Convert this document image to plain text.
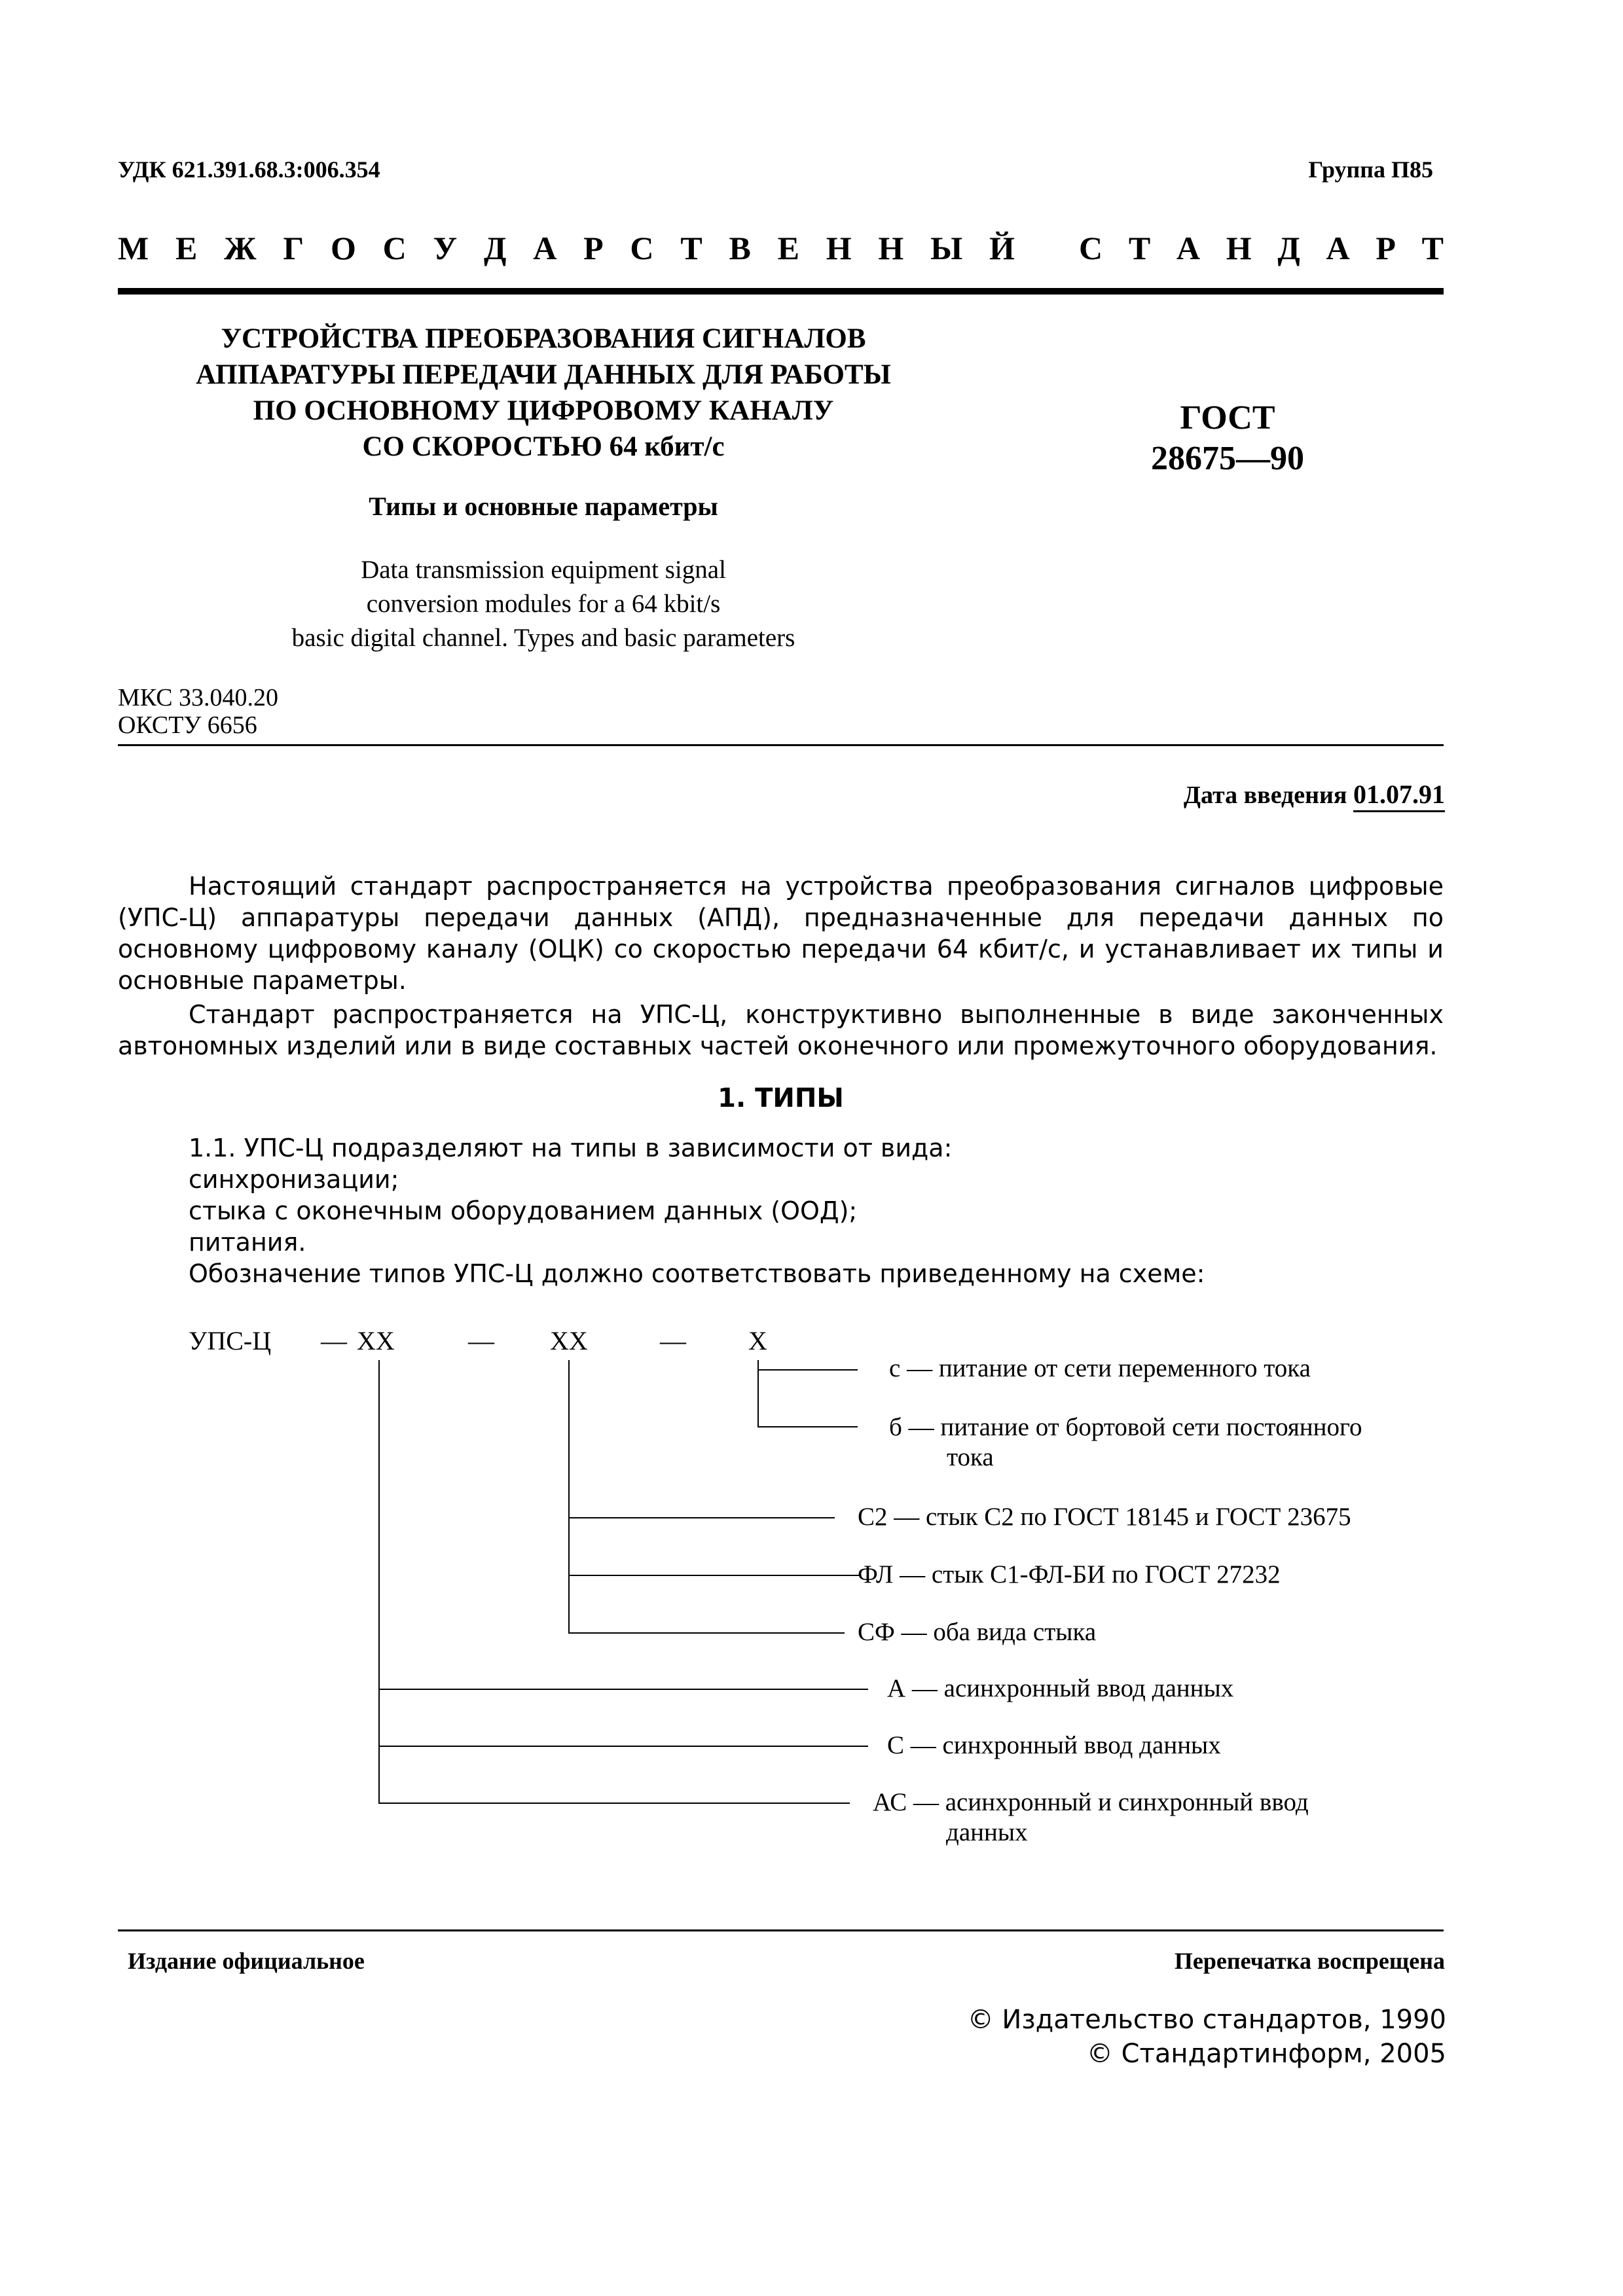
УДК 621.391.68.3:006.354	Группа П85
М Е Ж Г О С У Д А Р С Т В Е Н Н Ы Й С Т А Н Д А Р Т
УСТРОЙСТВА ПРЕОБРАЗОВАНИЯ СИГНАЛОВ
АППАРАТУРЫ ПЕРЕДАЧИ ДАННЫХ ДЛЯ РАБОТЫ
ПО ОСНОВНОМУ ЦИФРОВОМУ КАНАЛУ
СО СКОРОСТЬЮ 64 кбит/с
Типы и основные параметры
Data transmission equipment signal
conversion modules for a 64 kbit/s
basic digital channel. Types and basic parameters
ГОСТ
28675—90
МКС 33.040.20
ОКСТУ 6656
Дата введения 01.07.91

Настоящий стандарт распространяется на устройства преобразования сигналов цифровые (УПС-Ц) аппаратуры передачи данных (АПД), предназначенные для передачи данных по основному цифровому каналу (ОЦК) со скоростью передачи 64 кбит/с, и устанавливает их типы и основные параметры.

Стандарт распространяется на УПС-Ц, конструктивно выполненные в виде законченных автономных изделий или в виде составных частей оконечного или промежуточного оборудования.

1. ТИПЫ
1.1. УПС-Ц подразделяют на типы в зависимости от вида:
синхронизации;
стыка с оконечным оборудованием данных (ООД);
питания.
Обозначение типов УПС-Ц должно соответствовать приведенному на схеме:
УПС-Ц — ХХ	— ХХ	— Х
с — питание от сети переменного тока
б — питание от бортовой сети постоянного
тока
С2 — стык С2 по ГОСТ 18145 и ГОСТ 23675
ФЛ — стык С1-ФЛ-БИ по ГОСТ 27232
СФ — оба вида стыка
А — асинхронный ввод данных
С — синхронный ввод данных
АС — асинхронный и синхронный ввод
данных
Издание официальное	Перепечатка воспрещена
© Издательство стандартов, 1990
© Стандартинформ, 2005
